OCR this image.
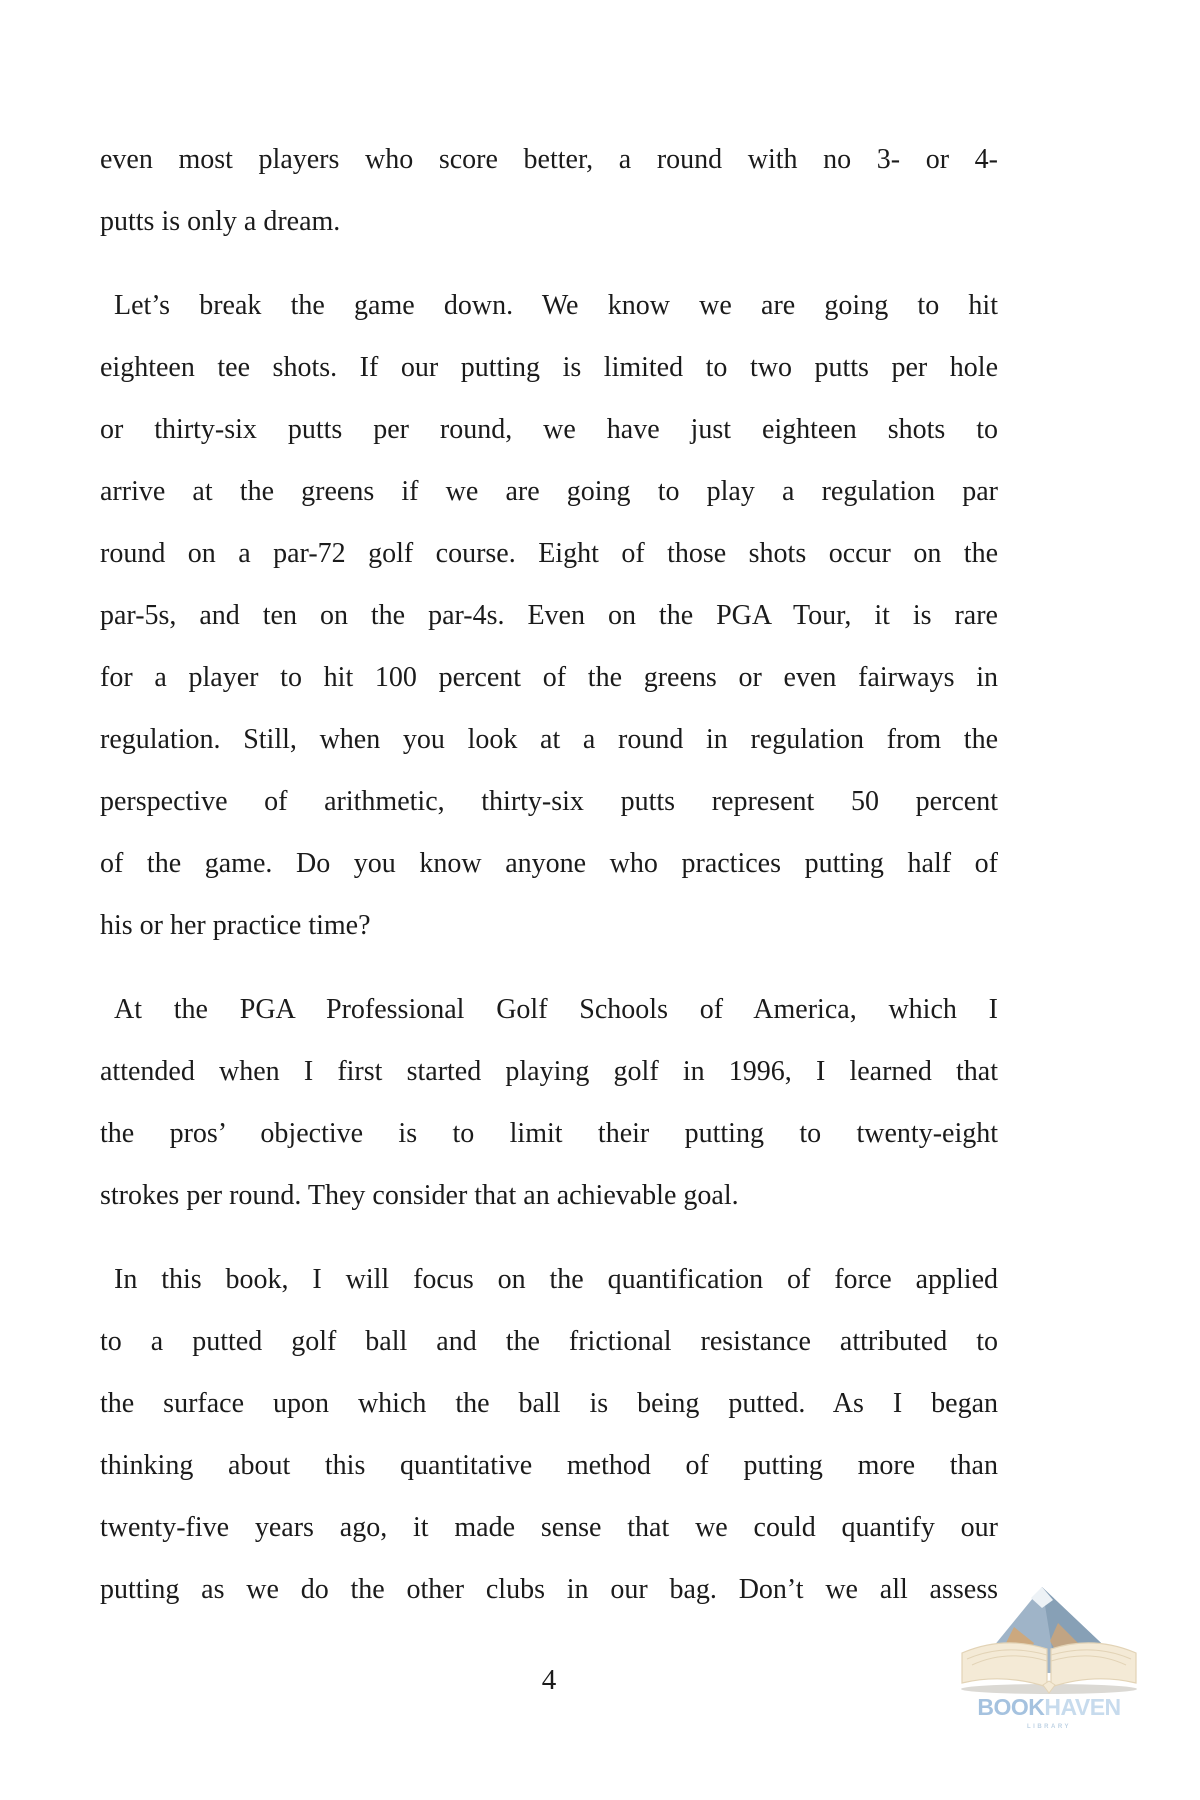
even most players who score better, a round with no 3- or 4-
putts is only a dream.
Let’s break the game down. We know we are going to hit
eighteen tee shots. If our putting is limited to two putts per hole
or thirty-six putts per round, we have just eighteen shots to
arrive at the greens if we are going to play a regulation par
round on a par-72 golf course. Eight of those shots occur on the
par-5s, and ten on the par-4s. Even on the PGA Tour, it is rare
for a player to hit 100 percent of the greens or even fairways in
regulation. Still, when you look at a round in regulation from the
perspective of arithmetic, thirty-six putts represent 50 percent
of the game. Do you know anyone who practices putting half of
his or her practice time?
At the PGA Professional Golf Schools of America, which I
attended when I first started playing golf in 1996, I learned that
the pros’ objective is to limit their putting to twenty-eight
strokes per round. They consider that an achievable goal.
In this book, I will focus on the quantification of force applied
to a putted golf ball and the frictional resistance attributed to
the surface upon which the ball is being putted. As I began
thinking about this quantitative method of putting more than
twenty-five years ago, it made sense that we could quantify our
putting as we do the other clubs in our bag. Don’t we all assess
4
BOOKHAVEN
LIBRARY
